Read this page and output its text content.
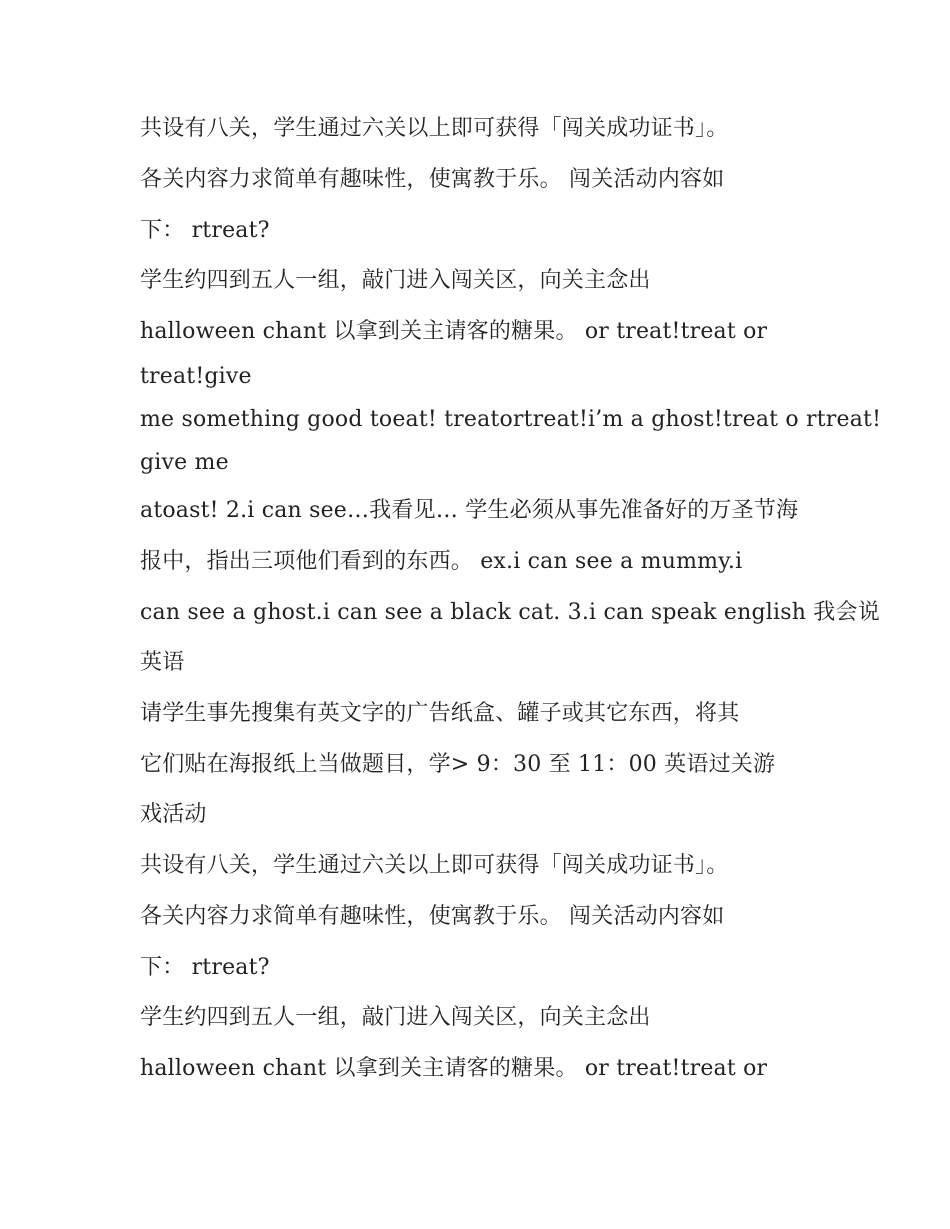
共设有八关，学生通过六关以上即可获得「闯关成功证书」。
各关内容力求简单有趣味性，使寓教于乐。 闯关活动内容如
下： rtreat?
学生约四到五人一组，敲门进入闯关区，向关主念出
halloween chant 以拿到关主请客的糖果。 or treat!treat or
treat!give
me something good toeat! treatortreat!i’m a ghost!treat o rtreat!
give me
atoast! 2.i can see…我看见… 学生必须从事先准备好的万圣节海
报中，指出三项他们看到的东西。 ex.i can see a mummy.i
can see a ghost.i can see a black cat. 3.i can speak english 我会说
英语
请学生事先搜集有英文字的广告纸盒、罐子或其它东西，将其
它们贴在海报纸上当做题目，学> 9：30 至 11：00 英语过关游
戏活动
共设有八关，学生通过六关以上即可获得「闯关成功证书」。
各关内容力求简单有趣味性，使寓教于乐。 闯关活动内容如
下： rtreat?
学生约四到五人一组，敲门进入闯关区，向关主念出
halloween chant 以拿到关主请客的糖果。 or treat!treat or
